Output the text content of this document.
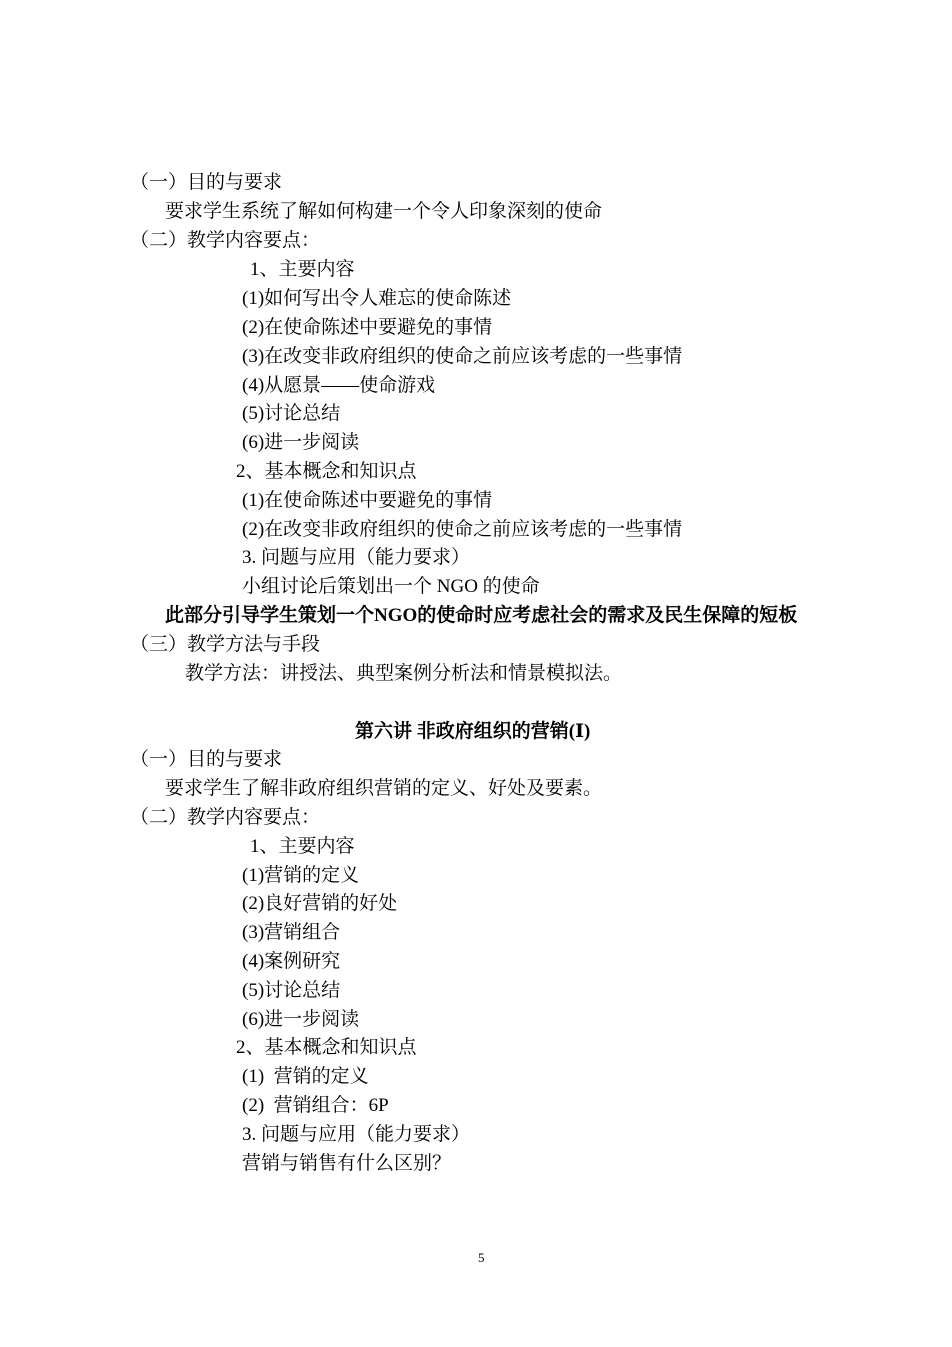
（一）目的与要求
要求学生系统了解如何构建一个令人印象深刻的使命
（二）教学内容要点：
1、主要内容
(1)如何写出令人难忘的使命陈述
(2)在使命陈述中要避免的事情
(3)在改变非政府组织的使命之前应该考虑的一些事情
(4)从愿景——使命游戏
(5)讨论总结
(6)进一步阅读
2、基本概念和知识点
(1)在使命陈述中要避免的事情
(2)在改变非政府组织的使命之前应该考虑的一些事情
3. 问题与应用（能力要求）
小组讨论后策划出一个 NGO 的使命
此部分引导学生策划一个NGO的使命时应考虑社会的需求及民生保障的短板
（三）教学方法与手段
教学方法：讲授法、典型案例分析法和情景模拟法。
第六讲 非政府组织的营销(Ⅰ)
（一）目的与要求
要求学生了解非政府组织营销的定义、好处及要素。
（二）教学内容要点：
1、主要内容
(1)营销的定义
(2)良好营销的好处
(3)营销组合
(4)案例研究
(5)讨论总结
(6)进一步阅读
2、基本概念和知识点
(1)  营销的定义
(2)  营销组合：6P
3. 问题与应用（能力要求）
营销与销售有什么区别？
5
